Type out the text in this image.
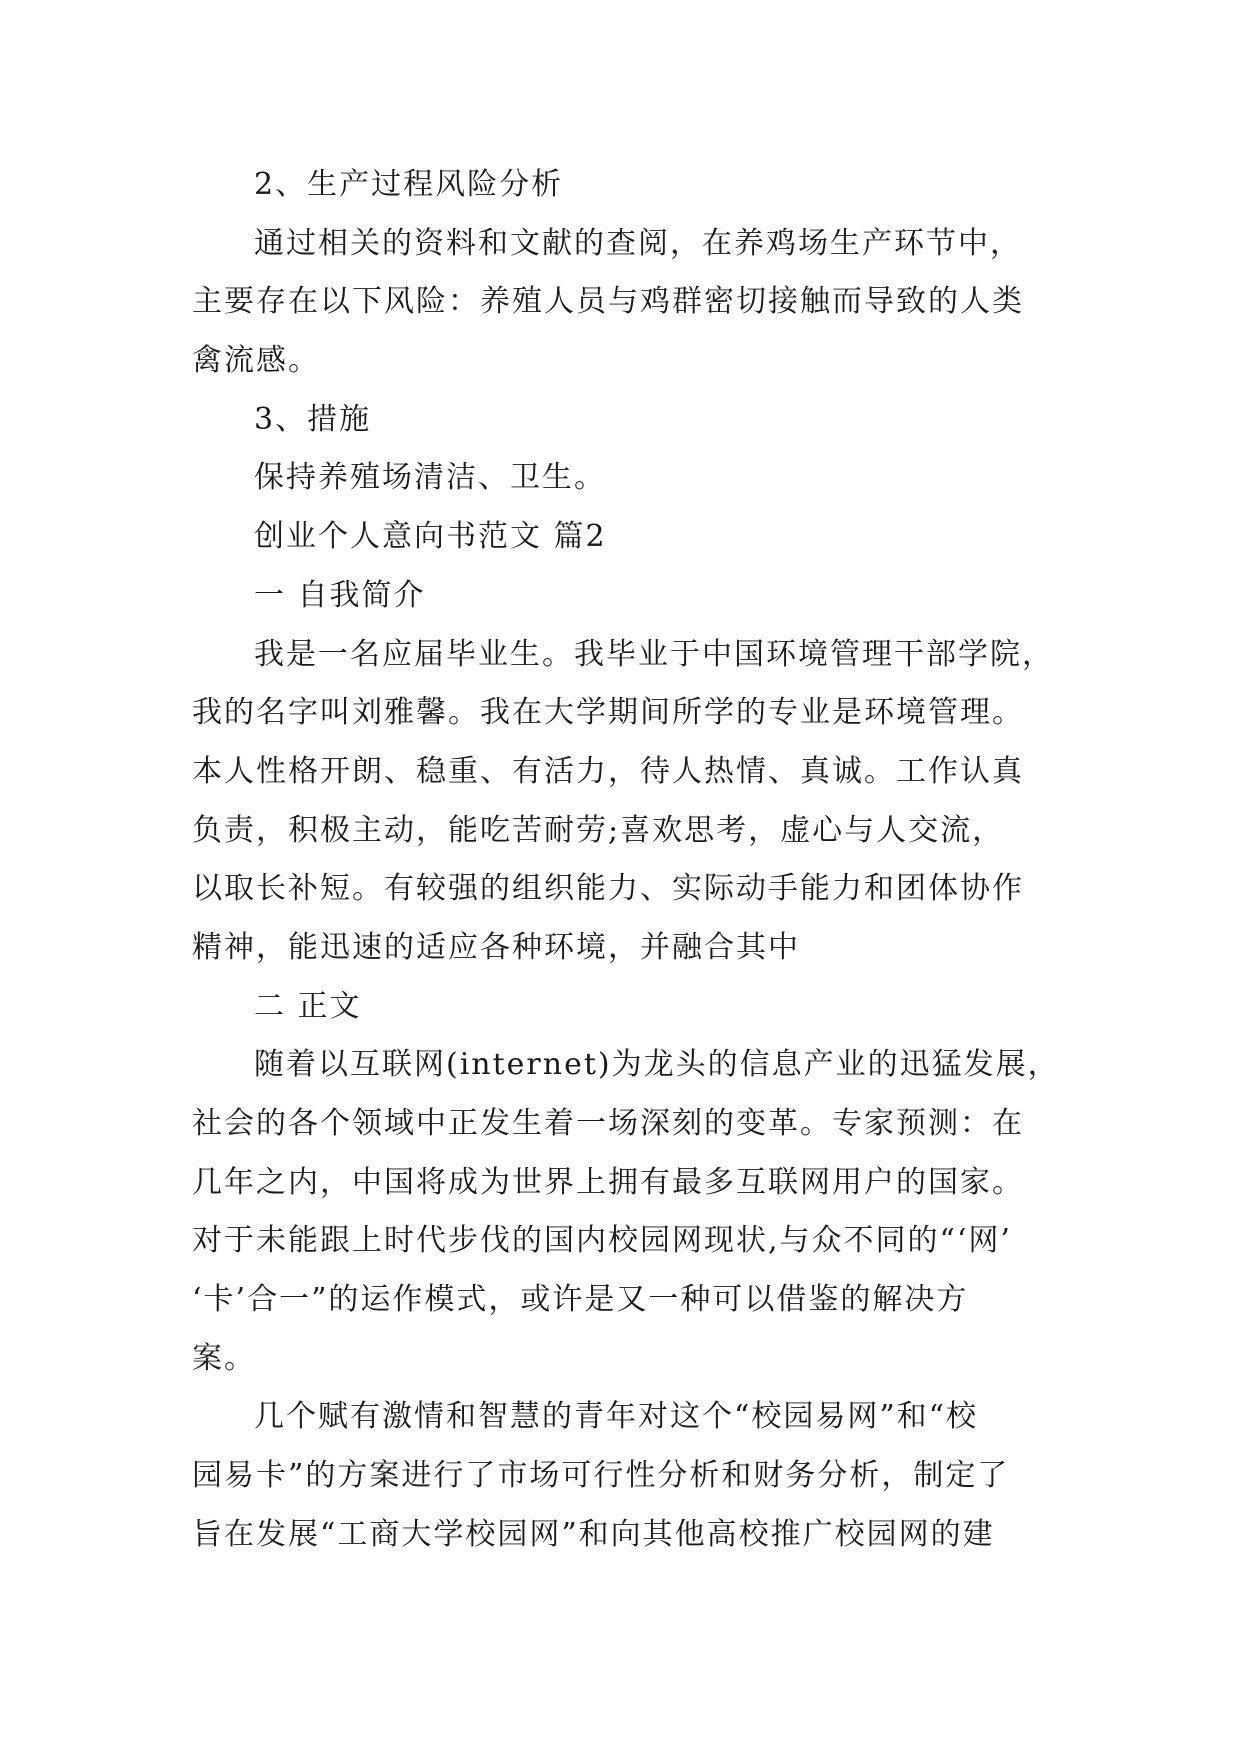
2、生产过程风险分析
通过相关的资料和文献的查阅，在养鸡场生产环节中，
主要存在以下风险：养殖人员与鸡群密切接触而导致的人类
禽流感。
3、措施
保持养殖场清洁、卫生。
创业个人意向书范文 篇2
一 自我简介
我是一名应届毕业生。我毕业于中国环境管理干部学院，
我的名字叫刘雅馨。我在大学期间所学的专业是环境管理。
本人性格开朗、稳重、有活力，待人热情、真诚。工作认真
负责，积极主动，能吃苦耐劳;喜欢思考，虚心与人交流，
以取长补短。有较强的组织能力、实际动手能力和团体协作
精神，能迅速的适应各种环境，并融合其中
二 正文
随着以互联网(internet)为龙头的信息产业的迅猛发展，
社会的各个领域中正发生着一场深刻的变革。专家预测：在
几年之内，中国将成为世界上拥有最多互联网用户的国家。
对于未能跟上时代步伐的国内校园网现状,与众不同的“‘网’
‘卡’合一”的运作模式，或许是又一种可以借鉴的解决方
案。
几个赋有激情和智慧的青年对这个“校园易网”和“校
园易卡”的方案进行了市场可行性分析和财务分析，制定了
旨在发展“工商大学校园网”和向其他高校推广校园网的建
